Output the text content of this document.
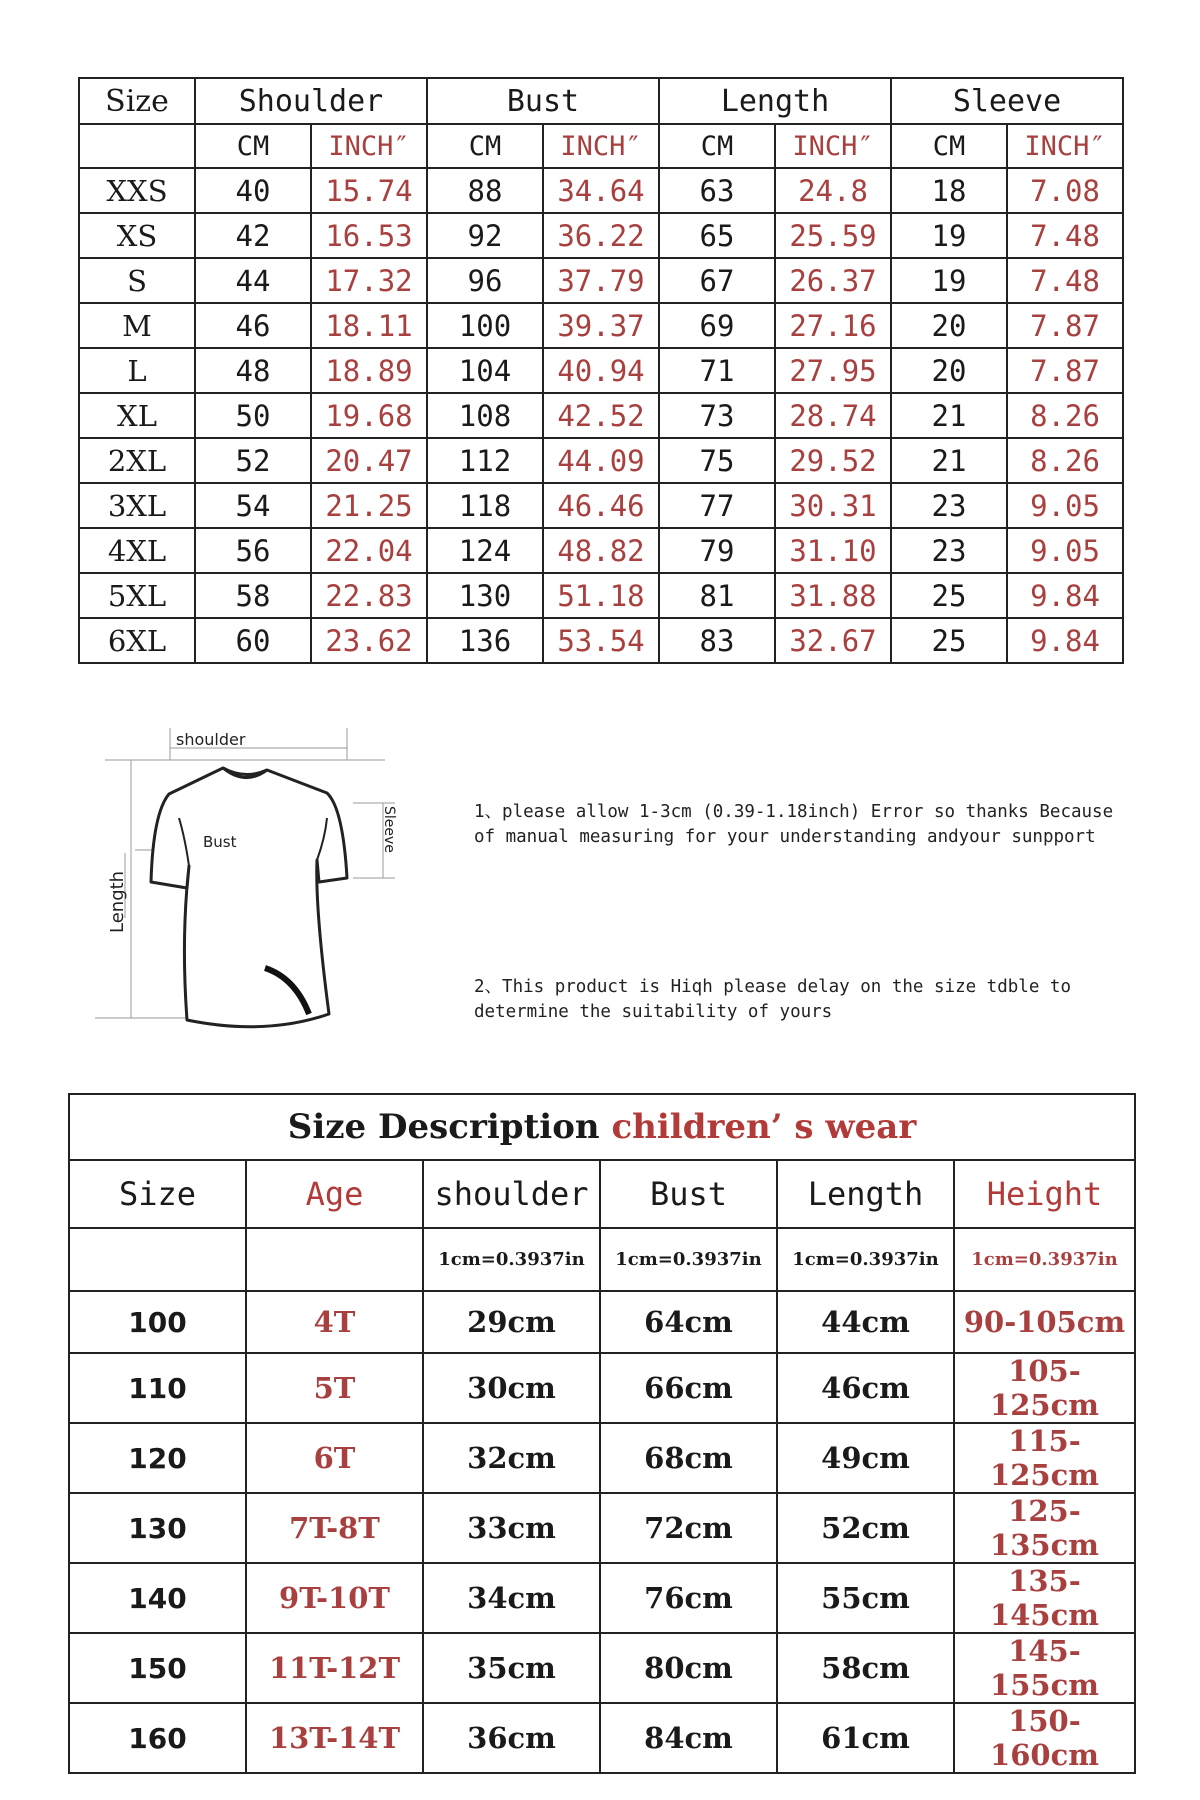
Size	Shoulder		Bust		Length		Sleeve	
	CM	INCH″	CM	INCH″	CM	INCH″	CM	INCH″
XXS	40	15.74	88	34.64	63	24.8	18	7.08
XS	42	16.53	92	36.22	65	25.59	19	7.48
S	44	17.32	96	37.79	67	26.37	19	7.48
M	46	18.11	100	39.37	69	27.16	20	7.87
L	48	18.89	104	40.94	71	27.95	20	7.87
XL	50	19.68	108	42.52	73	28.74	21	8.26
2XL	52	20.47	112	44.09	75	29.52	21	8.26
3XL	54	21.25	118	46.46	77	30.31	23	9.05
4XL	56	22.04	124	48.82	79	31.10	23	9.05
5XL	58	22.83	130	51.18	81	31.88	25	9.84
6XL	60	23.62	136	53.54	83	32.67	25	9.84
shoulder
Bust
Length
Sleeve	1、please allow 1-3cm (0.39-1.18inch) Error so thanks Because of manual measuring for your understanding andyour sunpport

2、This product is Hiqh please delay on the size tdble to determine the suitability of yours

Size Description children’ s wear					
Size	Age	shoulder	Bust	Length	Height
		1cm=0.3937in	1cm=0.3937in	1cm=0.3937in	1cm=0.3937in
100	4T	29cm	64cm	44cm	90-105cm
110	5T	30cm	66cm	46cm	105-125cm
120	6T	32cm	68cm	49cm	115-125cm
130	7T-8T	33cm	72cm	52cm	125-135cm
140	9T-10T	34cm	76cm	55cm	135-145cm
150	11T-12T	35cm	80cm	58cm	145-155cm
160	13T-14T	36cm	84cm	61cm	150-160cm
